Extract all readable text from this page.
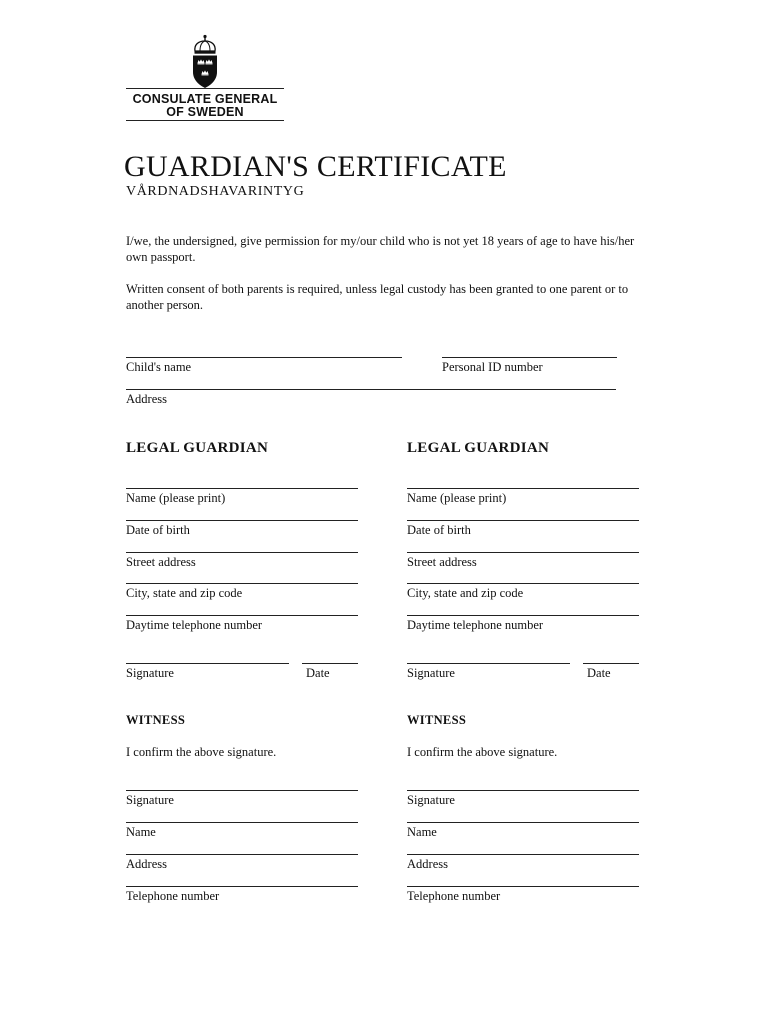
CONSULATE GENERAL
OF SWEDEN
GUARDIAN'S CERTIFICATE
VÅRDNADSHAVARINTYG
I/we, the undersigned, give permission for my/our child who is not yet 18 years of age to have his/her own passport.
Written consent of both parents is required, unless legal custody has been granted to one parent or to another person.
Child's name	Personal ID number
Address
LEGAL GUARDIAN
Name (please print)
Date of birth
Street address
City, state and zip code
Daytime telephone number
Signature	Date
LEGAL GUARDIAN
Name (please print)
Date of birth
Street address
City, state and zip code
Daytime telephone number
Signature	Date
WITNESS
I confirm the above signature.
Signature
Name
Address
Telephone number
WITNESS
I confirm the above signature.
Signature
Name
Address
Telephone number
